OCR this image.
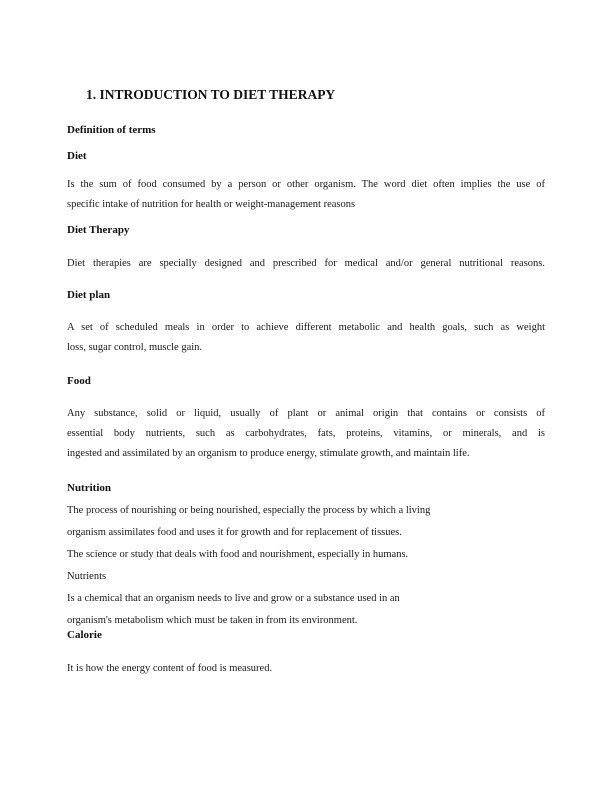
1. INTRODUCTION TO DIET THERAPY
Definition of terms
Diet
Is the sum of food consumed by a person or other organism. The word diet often implies the use of
specific intake of nutrition for health or weight-management reasons
Diet Therapy
Diet therapies are specially designed and prescribed for medical and/or general nutritional reasons.
Diet plan
A set of scheduled meals in order to achieve different metabolic and health goals, such as weight
loss, sugar control, muscle gain.
Food
Any substance, solid or liquid, usually of plant or animal origin that contains or consists of
essential body nutrients, such as carbohydrates, fats, proteins, vitamins, or minerals, and is
ingested and assimilated by an organism to produce energy, stimulate growth, and maintain life.
Nutrition
The process of nourishing or being nourished, especially the process by which a living
organism assimilates food and uses it for growth and for replacement of tissues.
The science or study that deals with food and nourishment, especially in humans.
Nutrients
Is a chemical that an organism needs to live and grow or a substance used in an
organism's metabolism which must be taken in from its environment.
Calorie
It is how the energy content of food is measured.
